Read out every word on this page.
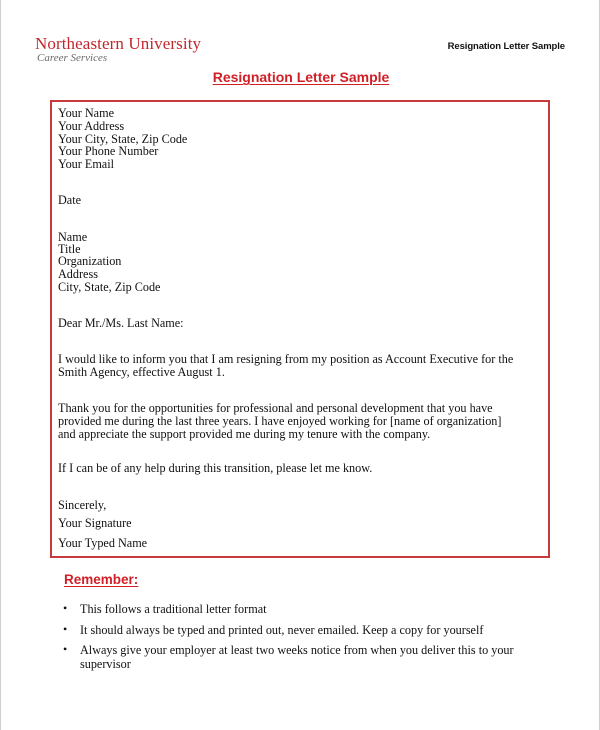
Northeastern University
Career Services
Resignation Letter Sample
Resignation Letter Sample
Your Name
Your Address
Your City, State, Zip Code
Your Phone Number
Your Email
Date
Name
Title
Organization
Address
City, State, Zip Code
Dear Mr./Ms. Last Name:
I would like to inform you that I am resigning from my position as Account Executive for the
Smith Agency, effective August 1.
Thank you for the opportunities for professional and personal development that you have
provided me during the last three years. I have enjoyed working for [name of organization]
and appreciate the support provided me during my tenure with the company.
If I can be of any help during this transition, please let me know.
Sincerely,
Your Signature
Your Typed Name
Remember:
• This follows a traditional letter format
• It should always be typed and printed out, never emailed. Keep a copy for yourself
• Always give your employer at least two weeks notice from when you deliver this to your
supervisor
